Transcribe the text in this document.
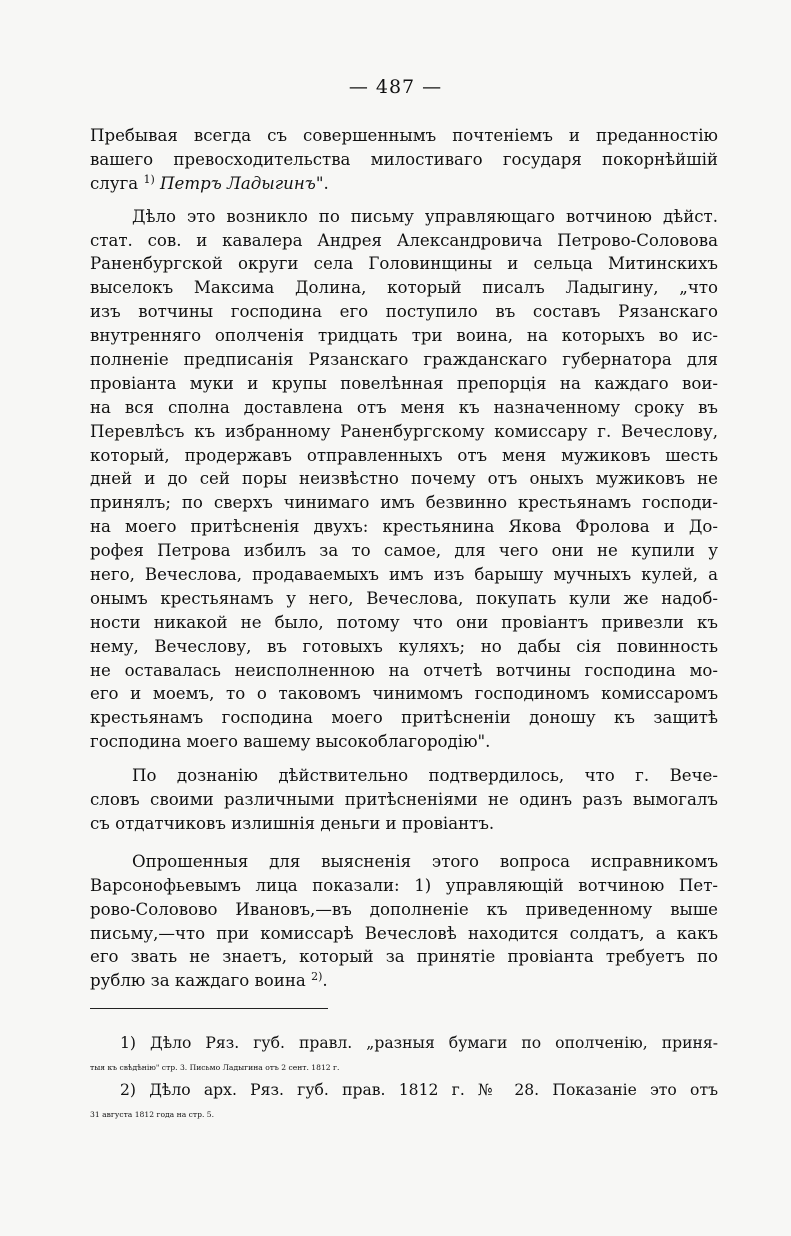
— 487 —
Пребывая всегда съ совершеннымъ почтеніемъ и преданностію
вашего превосходительства милостиваго государя покорнѣйшій
слуга $^{1)}$ Петръ Ладыгинъ".
Дѣло это возникло по письму управляющаго вотчиною дѣйст.
стат. сов. и кавалера Андрея Александровича Петрово-Соловова
Раненбургской округи села Головинщины и сельца Митинскихъ
выселокъ Максима Долина, который писалъ Ладыгину, „что
изъ вотчины господина его поступило въ составъ Рязанскаго
внутренняго ополченія тридцать три воина, на которыхъ во ис-
полненіе предписанія Рязанскаго гражданскаго губернатора для
провіанта муки и крупы повелѣнная препорція на каждаго вои-
на вся сполна доставлена отъ меня къ назначенному сроку въ
Перевлѣсъ къ избранному Раненбургскому комиссару г. Вечеслову,
который, продержавъ отправленныхъ отъ меня мужиковъ шесть
дней и до сей поры неизвѣстно почему отъ оныхъ мужиковъ не
принялъ; по сверхъ чинимаго имъ безвинно крестьянамъ господи-
на моего притѣсненія двухъ: крестьянина Якова Фролова и До-
рофея Петрова избилъ за то самое, для чего они не купили у
него, Вечеслова, продаваемыхъ имъ изъ барышу мучныхъ кулей, а
онымъ крестьянамъ у него, Вечеслова, покупать кули же надоб-
ности никакой не было, потому что они провіантъ привезли къ
нему, Вечеслову, въ готовыхъ куляхъ; но дабы сія повинность
не оставалась неисполненною на отчетѣ вотчины господина мо-
его и моемъ, то о таковомъ чинимомъ господиномъ комиссаромъ
крестьянамъ господина моего притѣсненіи доношу къ защитѣ
господина моего вашему высокоблагородію".
По дознанію дѣйствительно подтвердилось, что г. Вече-
словъ своими различными притѣсненіями не одинъ разъ вымогалъ
съ отдатчиковъ излишнія деньги и провіантъ.
Опрошенныя для выясненія этого вопроса исправникомъ
Варсонофьевымъ лица показали: 1) управляющій вотчиною Пет-
рово-Соловово Ивановъ,—въ дополненіе къ приведенному выше
письму,—что при комиссарѣ Вечесловѣ находится солдатъ, а какъ
его звать не знаетъ, который за принятіе провіанта требуетъ по
рублю за каждаго воина $^{2)}$.
1) Дѣло Ряз. губ. правл. „разныя бумаги по ополченію, приня-
тыя къ свѣдѣнію" стр. 3. Письмо Ладыгина отъ 2 сент. 1812 г.
2) Дѣло арх. Ряз. губ. прав. 1812 г. № 28. Показаніе это отъ
31 августа 1812 года на стр. 5.
